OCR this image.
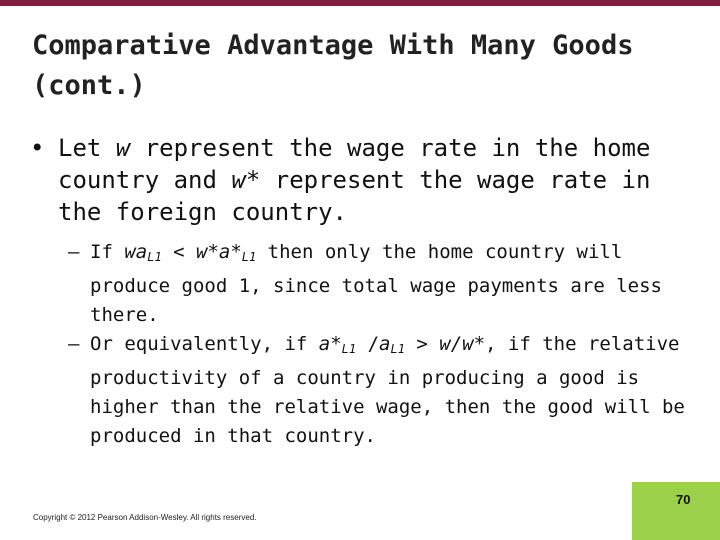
Comparative Advantage With Many Goods (cont.)
• Let w represent the wage rate in the home country and w* represent the wage rate in the foreign country.
– If $wa_{L1} < w*a*_{L1}$ then only the home country will produce good 1, since total wage payments are less there.
– Or equivalently, if $a*_{L1}$ $/a_{L1} > w/w*$, if the relative productivity of a country in producing a good is higher than the relative wage, then the good will be produced in that country.
Copyright © 2012 Pearson Addison-Wesley. All rights reserved.
70
